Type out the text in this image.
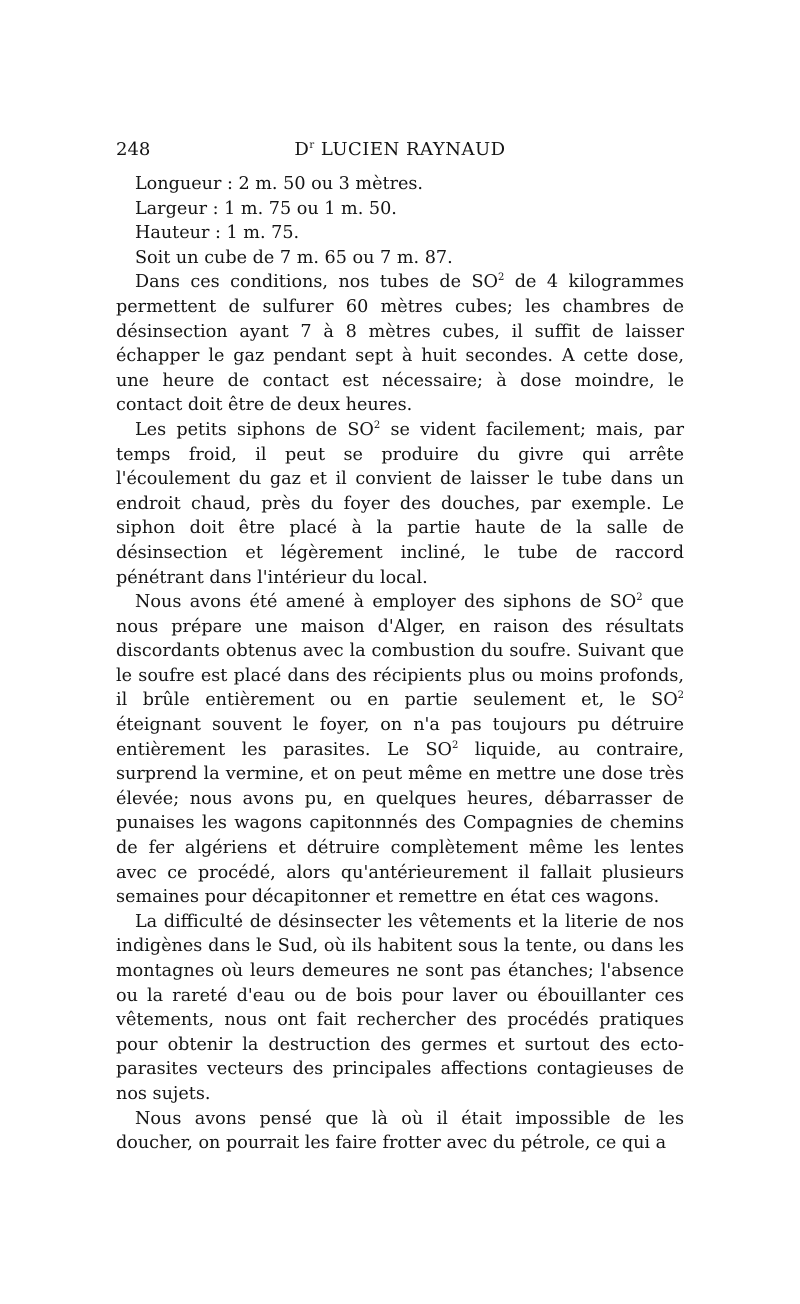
248	$D^r$ LUCIEN RAYNAUD

Longueur : 2 m. 50 ou 3 mètres.

Largeur : 1 m. 75 ou 1 m. 50.

Hauteur : 1 m. 75.

Soit un cube de 7 m. 65 ou 7 m. 87.

Dans ces conditions, nos tubes de $SO^2$ de 4 kilogrammes permettent de sulfurer 60 mètres cubes; les chambres de désinsection ayant 7 à 8 mètres cubes, il suffit de laisser échapper le gaz pendant sept à huit secondes. A cette dose, une heure de contact est nécessaire; à dose moindre, le contact doit être de deux heures.

Les petits siphons de $SO^2$ se vident facilement; mais, par temps froid, il peut se produire du givre qui arrête l'écoulement du gaz et il convient de laisser le tube dans un endroit chaud, près du foyer des douches, par exemple. Le siphon doit être placé à la partie haute de la salle de désinsection et légèrement incliné, le tube de raccord pénétrant dans l'intérieur du local.

Nous avons été amené à employer des siphons de $SO^2$ que nous prépare une maison d'Alger, en raison des résultats discordants obtenus avec la combustion du soufre. Suivant que le soufre est placé dans des récipients plus ou moins profonds, il brûle entièrement ou en partie seulement et, le $SO^2$ éteignant souvent le foyer, on n'a pas toujours pu détruire entièrement les parasites. Le $SO^2$ liquide, au contraire, surprend la vermine, et on peut même en mettre une dose très élevée; nous avons pu, en quelques heures, débarrasser de punaises les wagons capitonnnés des Compagnies de chemins de fer algériens et détruire complètement même les lentes avec ce procédé, alors qu'antérieurement il fallait plusieurs semaines pour décapitonner et remettre en état ces wagons.

La difficulté de désinsecter les vêtements et la literie de nos indigènes dans le Sud, où ils habitent sous la tente, ou dans les montagnes où leurs demeures ne sont pas étanches; l'absence ou la rareté d'eau ou de bois pour laver ou ébouillanter ces vêtements, nous ont fait rechercher des procédés pratiques pour obtenir la destruction des germes et surtout des ecto-parasites vecteurs des principales affections contagieuses de nos sujets.

Nous avons pensé que là où il était impossible de les doucher, on pourrait les faire frotter avec du pétrole, ce qui a
